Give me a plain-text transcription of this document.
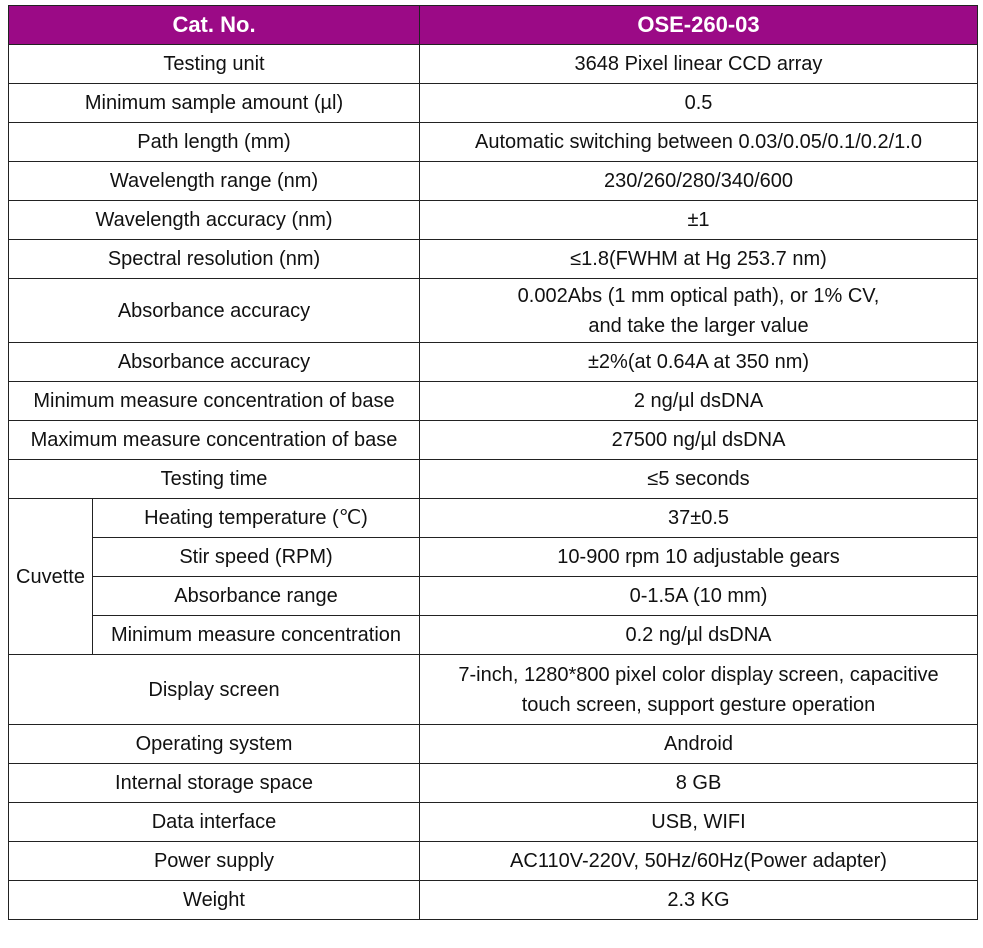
Cat. No.		OSE-260-03
Testing unit		3648 Pixel linear CCD array
Minimum sample amount (µl)		0.5
Path length (mm)		Automatic switching between 0.03/0.05/0.1/0.2/1.0
Wavelength range (nm)		230/260/280/340/600
Wavelength accuracy (nm)		±1
Spectral resolution (nm)		≤1.8(FWHM at Hg 253.7 nm)
Absorbance accuracy		0.002Abs (1 mm optical path), or 1% CV,
and take the larger value

Absorbance accuracy		±2%(at 0.64A at 350 nm)
Minimum measure concentration of base		2 ng/µl dsDNA
Maximum measure concentration of base		27500 ng/µl dsDNA
Testing time		≤5 seconds
Cuvette	Heating temperature (℃)	37±0.5
	Stir speed (RPM)	10-900 rpm 10 adjustable gears
	Absorbance range	0-1.5A (10 mm)
	Minimum measure concentration	0.2 ng/µl dsDNA
Display screen		7-inch, 1280*800 pixel color display screen, capacitive
touch screen, support gesture operation

Operating system		Android
Internal storage space		8 GB
Data interface		USB, WIFI
Power supply		AC110V-220V, 50Hz/60Hz(Power adapter)
Weight		2.3 KG
